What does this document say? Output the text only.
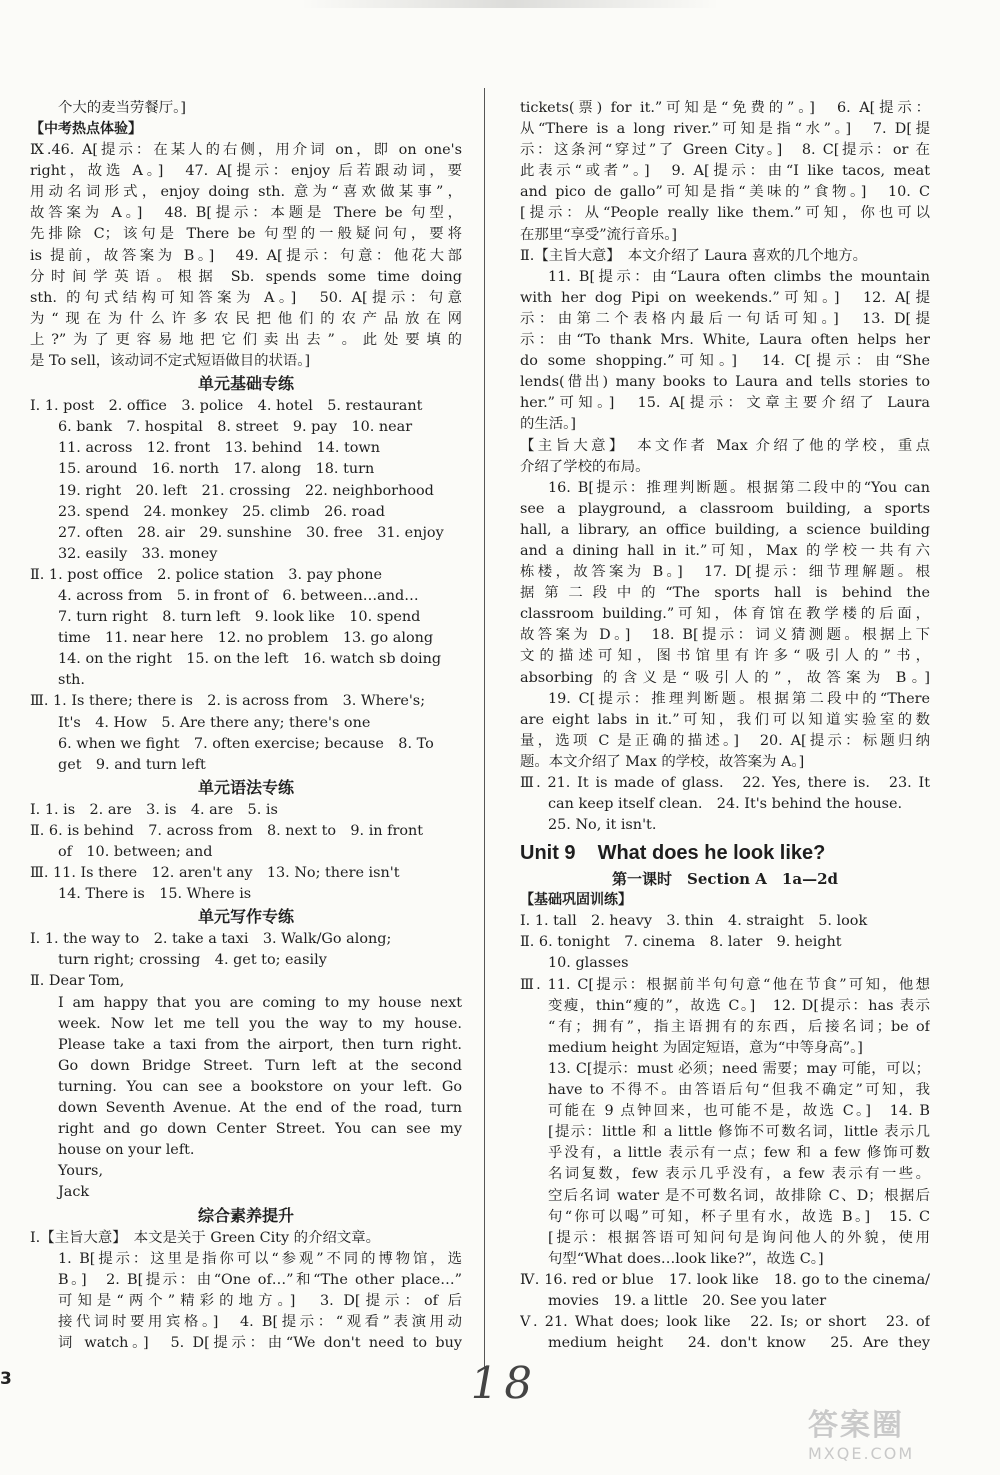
个大的麦当劳餐厅。]
【中考热点体验】
Ⅸ.46. A[提示：在某人的右侧，用介词 on，即 on one's
right，故选 A。]　47. A[提示：enjoy 后若跟动词，要
用动名词形式，enjoy doing sth. 意为“喜欢做某事”，
故答案为 A。]　48. B[提示：本题是 There be 句型，
先排除 C；该句是 There be 句型的一般疑问句，要将
is 提前，故答案为 B。]　49. A[提示：句意：他花大部
分时间学英语。根据 Sb. spends some time doing
sth. 的句式结构可知答案为 A。]　50. A[提示：句意
为“现在为什么许多农民把他们的农产品放在网
上?”为了更容易地把它们卖出去”。此处要填的
是 To sell，该动词不定式短语做目的状语。]
单元基础专练
Ⅰ. 1. post　2. office　3. police　4. hotel　5. restaurant
6. bank　7. hospital　8. street　9. pay　10. near
11. across　12. front　13. behind　14. town
15. around　16. north　17. along　18. turn
19. right　20. left　21. crossing　22. neighborhood
23. spend　24. monkey　25. climb　26. road
27. often　28. air　29. sunshine　30. free　31. enjoy
32. easily　33. money
Ⅱ. 1. post office　2. police station　3. pay phone
4. across from　5. in front of　6. between…and…
7. turn right　8. turn left　9. look like　10. spend
time　11. near here　12. no problem　13. go along
14. on the right　15. on the left　16. watch sb doing
sth.
Ⅲ. 1. Is there; there is　2. is across from　3. Where's;
It's　4. How　5. Are there any; there's one
6. when we fight　7. often exercise; because　8. To
get　9. and turn left
单元语法专练
Ⅰ. 1. is　2. are　3. is　4. are　5. is
Ⅱ. 6. is behind　7. across from　8. next to　9. in front
of　10. between; and
Ⅲ. 11. Is there　12. aren't any　13. No; there isn't
14. There is　15. Where is
单元写作专练
Ⅰ. 1. the way to　2. take a taxi　3. Walk/Go along;
turn right; crossing　4. get to; easily
Ⅱ. Dear Tom,
I am happy that you are coming to my house next
week. Now let me tell you the way to my house.
Please take a taxi from the airport, then turn right.
Go down Bridge Street. Turn left at the second
turning. You can see a bookstore on your left. Go
down Seventh Avenue. At the end of the road, turn
right and go down Center Street. You can see my
house on your left.
Yours,
Jack
综合素养提升
Ⅰ.【主旨大意】　本文是关于 Green City 的介绍文章。
1. B[提示：这里是指你可以“参观”不同的博物馆，选
B。]　2. B[提示：由“One of…”和“The other place…”
可知是“两个”精彩的地方。]　3. D[提示：of 后
接代词时要用宾格。]　4. B[提示：“观看”表演用动
词 watch。]　5. D[提示：由“We don't need to buy
tickets(票) for it.”可知是“免费的”。]　6. A[提示：
从“There is a long river.”可知是指“水”。]　7. D[提
示：这条河“穿过”了 Green City。]　8. C[提示：or 在
此表示“或者”。]　9. A[提示：由“I like tacos, meat
and pico de gallo”可知是指“美味的”食物。]　10. C
[提示：从“People really like them.”可知，你也可以
在那里“享受”流行音乐。]
Ⅱ.【主旨大意】　本文介绍了 Laura 喜欢的几个地方。
11. B[提示：由“Laura often climbs the mountain
with her dog Pipi on weekends.”可知。]　12. A[提
示：由第二个表格内最后一句话可知。]　13. D[提
示：由“To thank Mrs. White, Laura often helps her
do some shopping.”可知。]　14. C[提示：由“She
lends(借出) many books to Laura and tells stories to
her.”可知。]　15. A[提示：文章主要介绍了 Laura
的生活。]
【主旨大意】　本文作者 Max 介绍了他的学校，重点
介绍了学校的布局。
16. B[提示：推理判断题。根据第二段中的“You can
see a playground, a classroom building, a sports
hall, a library, an office building, a science building
and a dining hall in it.”可知，Max 的学校一共有六
栋楼，故答案为 B。]　17. D[提示：细节理解题。根
据第二段中的“The sports hall is behind the
classroom building.”可知，体育馆在教学楼的后面，
故答案为 D。]　18. B[提示：词义猜测题。根据上下
文的描述可知，图书馆里有许多“吸引人的”书，
absorbing 的含义是“吸引人的”，故答案为 B。]
19. C[提示：推理判断题。根据第二段中的“There
are eight labs in it.”可知，我们可以知道实验室的数
量，选项 C 是正确的描述。]　20. A[提示：标题归纳
题。本文介绍了 Max 的学校，故答案为 A。]
Ⅲ. 21. It is made of glass.　22. Yes, there is.　23. It
can keep itself clean.　24. It's behind the house.
25. No, it isn't.
Unit 9 What does he look like?
第一课时　Section A　1a—2d
【基础巩固训练】
Ⅰ. 1. tall　2. heavy　3. thin　4. straight　5. look
Ⅱ. 6. tonight　7. cinema　8. later　9. height
10. glasses
Ⅲ. 11. C[提示：根据前半句句意“他在节食”可知，他想
变瘦，thin“瘦的”，故选 C。]　12. D[提示：has 表示
“有；拥有”，指主语拥有的东西，后接名词；be of
medium height 为固定短语，意为“中等身高”。]
13. C[提示：must 必须；need 需要；may 可能，可以；
have to 不得不。由答语后句“但我不确定”可知，我
可能在 9 点钟回来，也可能不是，故选 C。]　14. B
[提示：little 和 a little 修饰不可数名词，little 表示几
乎没有，a little 表示有一点；few 和 a few 修饰可数
名词复数，few 表示几乎没有，a few 表示有一些。
空后名词 water 是不可数名词，故排除 C、D；根据后
句“你可以喝”可知，杯子里有水，故选 B。]　15. C
[提示：根据答语可知问句是询问他人的外貌，使用
句型“What does…look like?”，故选 C。]
Ⅳ. 16. red or blue　17. look like　18. go to the cinema/
movies　19. a little　20. See you later
Ⅴ. 21. What does; look like　22. Is; or short　23. of
medium height　24. don't know　25. Are they
3	18
答案圈
MXQE.COM
